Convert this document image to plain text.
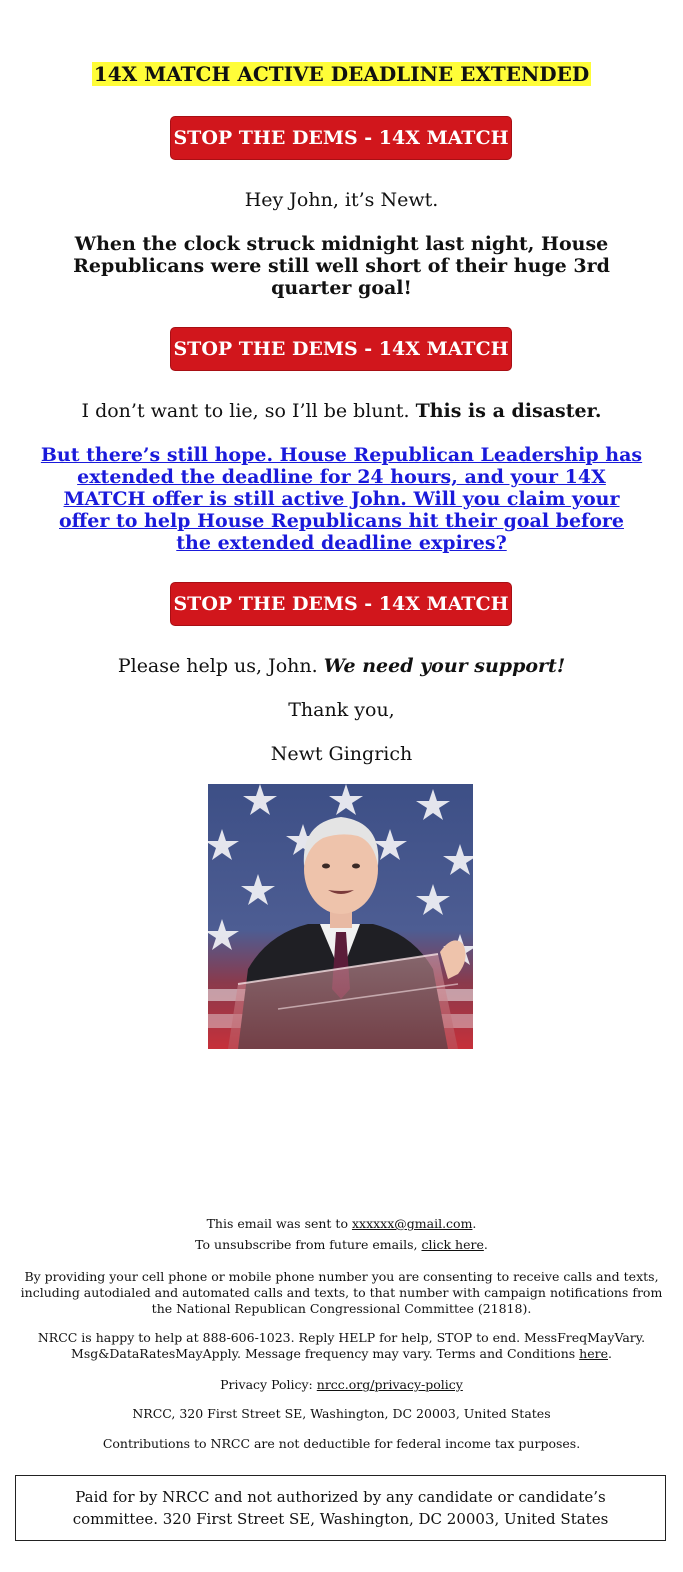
14X MATCH ACTIVE DEADLINE EXTENDED
STOP THE DEMS - 14X MATCH
Hey John, it’s Newt.
When the clock struck midnight last night, House Republicans were still well short of their huge 3rd quarter goal!
STOP THE DEMS - 14X MATCH
I don’t want to lie, so I’ll be blunt. This is a disaster.
But there’s still hope. House Republican Leadership has extended the deadline for 24 hours, and your 14X MATCH offer is still active John. Will you claim your offer to help House Republicans hit their goal before the extended deadline expires?
STOP THE DEMS - 14X MATCH
Please help us, John. We need your support!
Thank you,
Newt Gingrich
This email was sent to xxxxxx@gmail.com.
To unsubscribe from future emails, click here.
By providing your cell phone or mobile phone number you are consenting to receive calls and texts, including autodialed and automated calls and texts, to that number with campaign notifications from the National Republican Congressional Committee (21818).
NRCC is happy to help at 888-606-1023. Reply HELP for help, STOP to end. MessFreqMayVary. Msg&DataRatesMayApply. Message frequency may vary. Terms and Conditions here.
Privacy Policy: nrcc.org/privacy-policy
NRCC, 320 First Street SE, Washington, DC 20003, United States
Contributions to NRCC are not deductible for federal income tax purposes.
Paid for by NRCC and not authorized by any candidate or candidate’s committee. 320 First Street SE, Washington, DC 20003, United States
